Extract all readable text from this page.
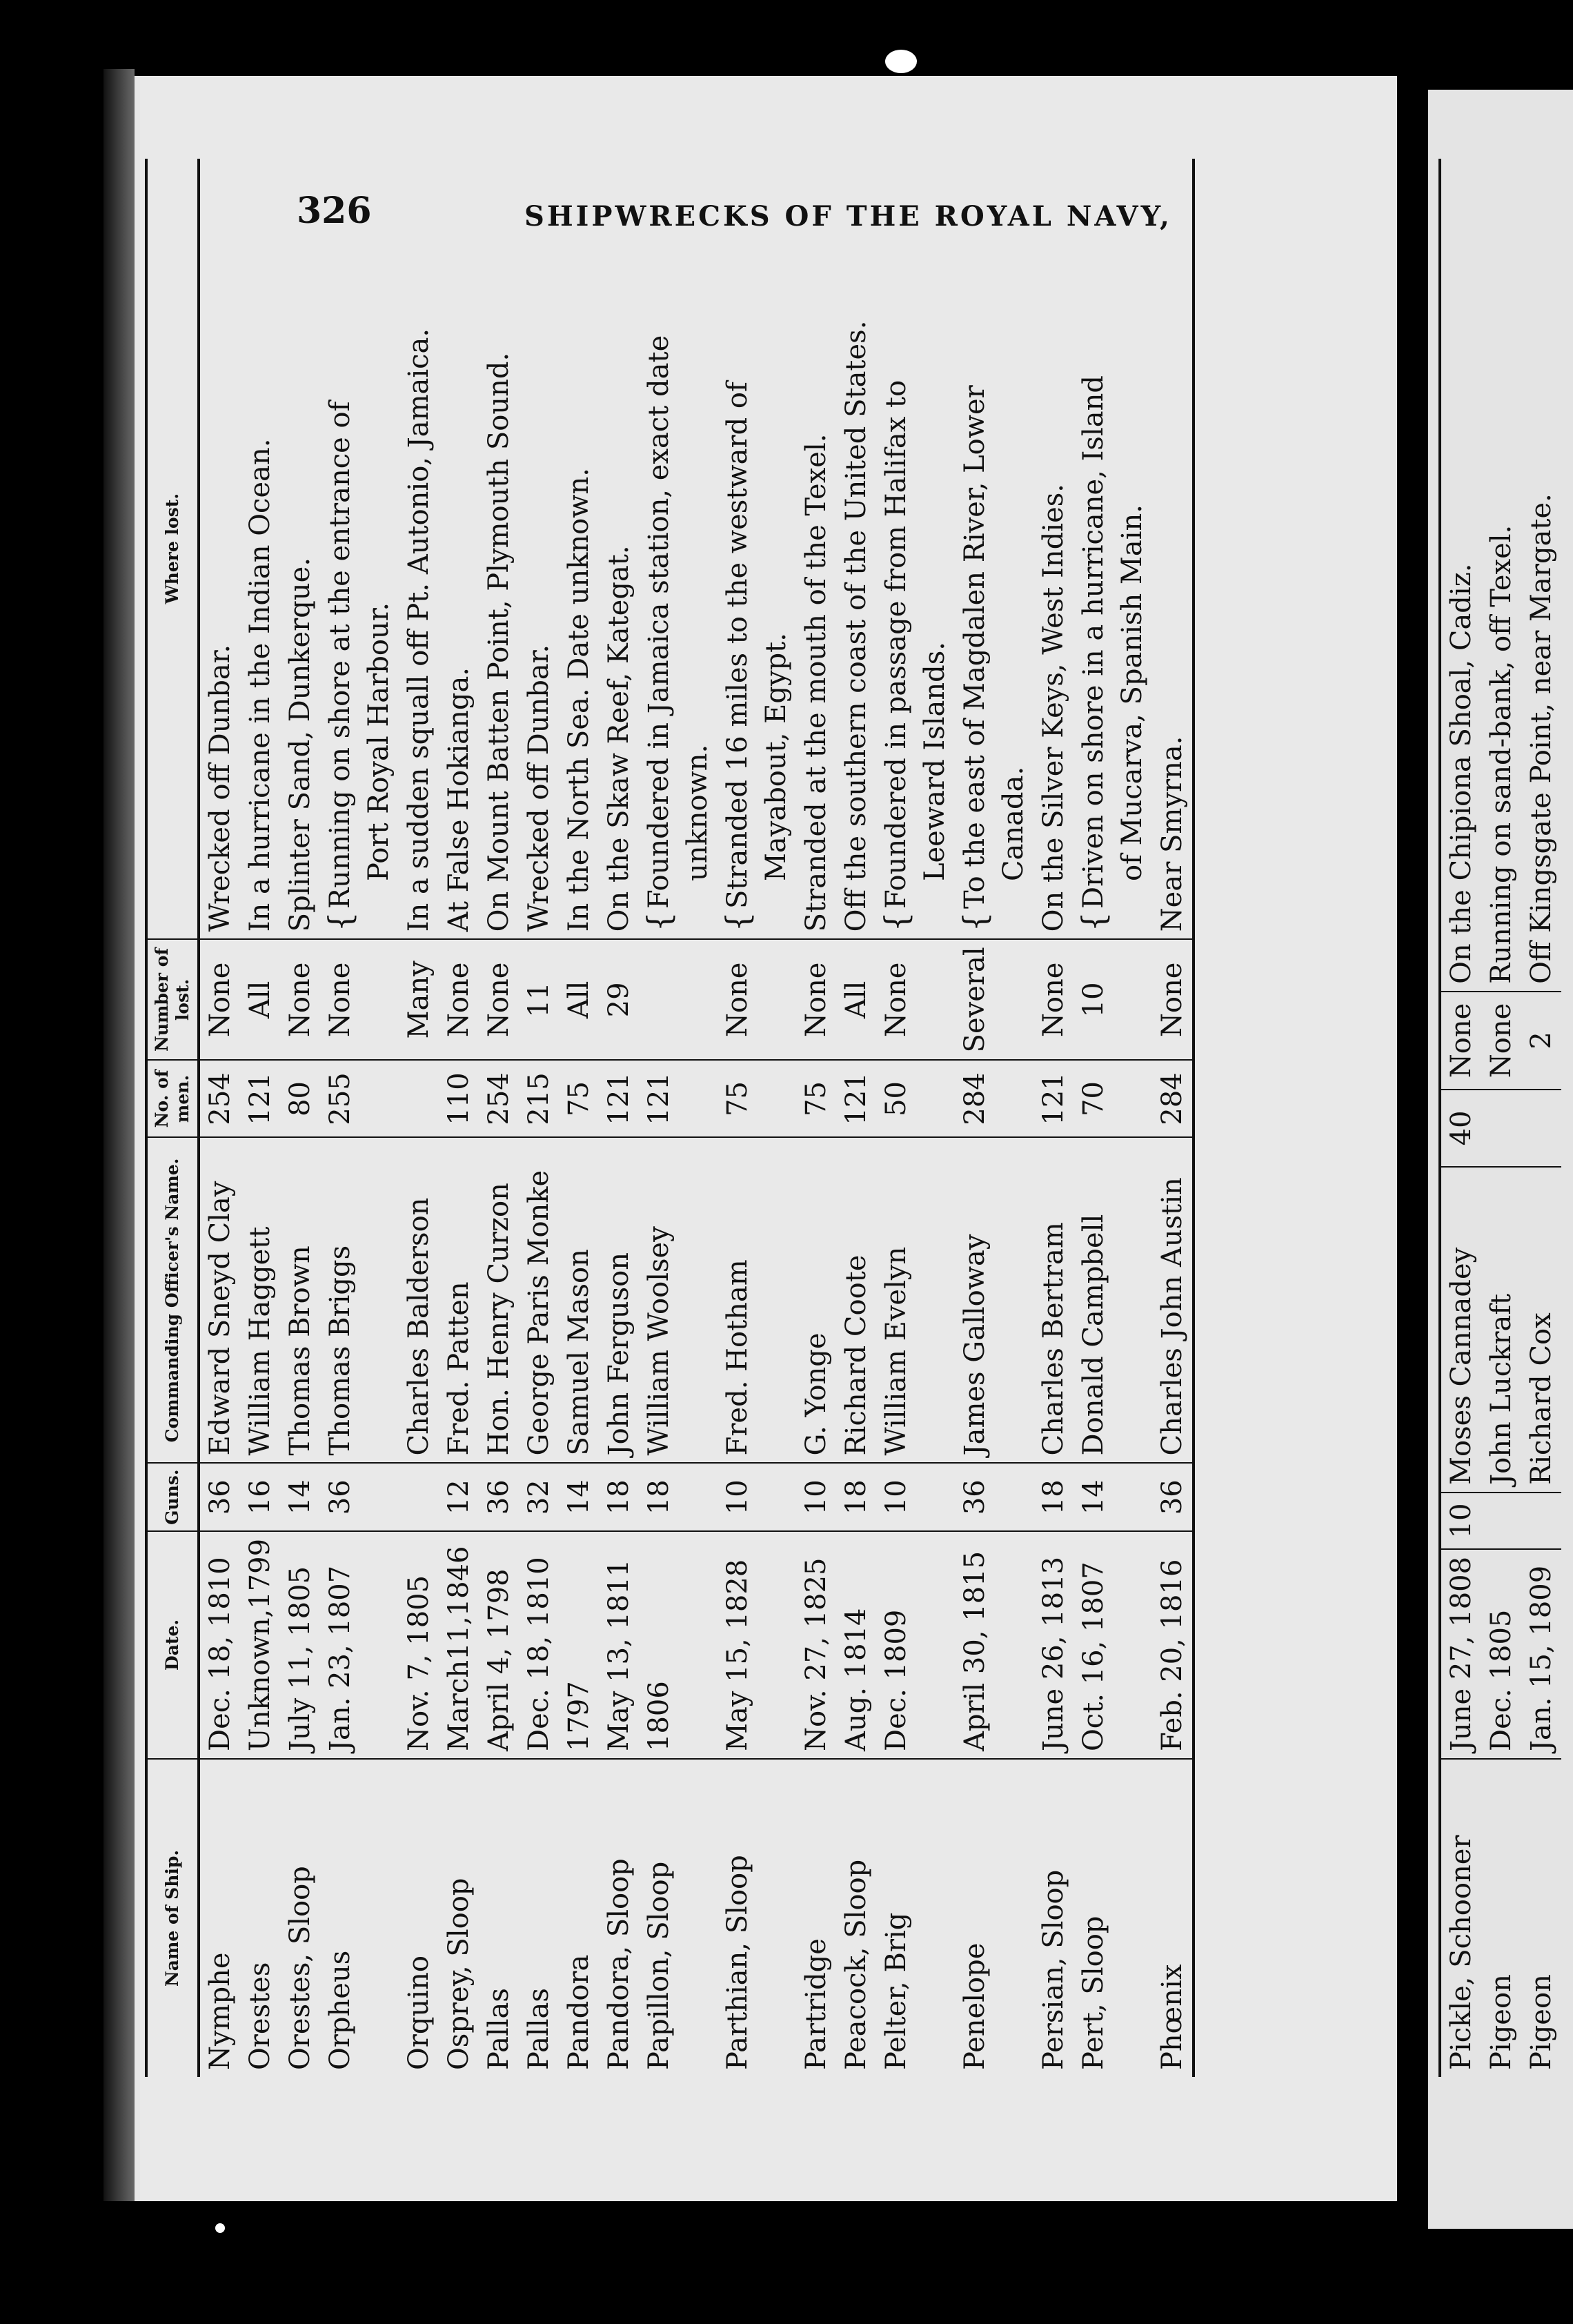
326	SHIPWRECKS OF THE ROYAL NAVY,
Name of Ship.	Date.	Guns.	Commanding Officer's Name.	No. of men.	Number of lost.	Where lost.
Nymphe	Dec. 18, 1810	36	Edward Sneyd Clay	254	None	Wrecked off Dunbar.

Orestes	Unknown,1799	16	William Haggett	121	All	In a hurricane in the Indian Ocean.

Orestes, Sloop	July 11, 1805	14	Thomas Brown	80	None	Splinter Sand, Dunkerque.

Orpheus	Jan. 23, 1807	36	Thomas Briggs	255	None	{
Running on shore at the entrance of Port Royal Harbour.

Orquino	Nov. 7, 1805		Charles Balderson		Many	In a sudden squall off Pt. Autonio, Jamaica.

Osprey, Sloop	March11,1846	12	Fred. Patten	110	None	At False Hokianga.

Pallas	April 4, 1798	36	Hon. Henry Curzon	254	None	On Mount Batten Point, Plymouth Sound.

Pallas	Dec. 18, 1810	32	George Paris Monke	215	11	Wrecked off Dunbar.

Pandora	1797	14	Samuel Mason	75	All	In the North Sea. Date unknown.

Pandora, Sloop	May 13, 1811	18	John Ferguson	121	29	On the Skaw Reef, Kategat.

Papillon, Sloop	1806	18	William Woolsey	121		{
Foundered in Jamaica station, exact date unknown.

Parthian, Sloop	May 15, 1828	10	Fred. Hotham	75	None	{
Stranded 16 miles to the westward of Mayabout, Egypt.

Partridge	Nov. 27, 1825	10	G. Yonge	75	None	Stranded at the mouth of the Texel.

Peacock, Sloop	Aug. 1814	18	Richard Coote	121	All	Off the southern coast of the United States.

Pelter, Brig	Dec. 1809	10	William Evelyn	50	None	{
Foundered in passage from Halifax to Leeward Islands.

Penelope	April 30, 1815	36	James Galloway	284	Several	{
To the east of Magdalen River, Lower Canada.

Persian, Sloop	June 26, 1813	18	Charles Bertram	121	None	On the Silver Keys, West Indies.

Pert, Sloop	Oct. 16, 1807	14	Donald Campbell	70	10	{
Driven on shore in a hurricane, Island of Mucarva, Spanish Main.

Phœnix	Feb. 20, 1816	36	Charles John Austin	284	None	Near Smyrna.
Pickle, Schooner	June 27, 1808	10	Moses Cannadey	40	None	On the Chipiona Shoal, Cadiz.
Pigeon	Dec. 1805		John Luckraft		None	Running on sand-bank, off Texel.
Pigeon	Jan. 15, 1809		Richard Cox		2	Off Kingsgate Point, near Margate.
